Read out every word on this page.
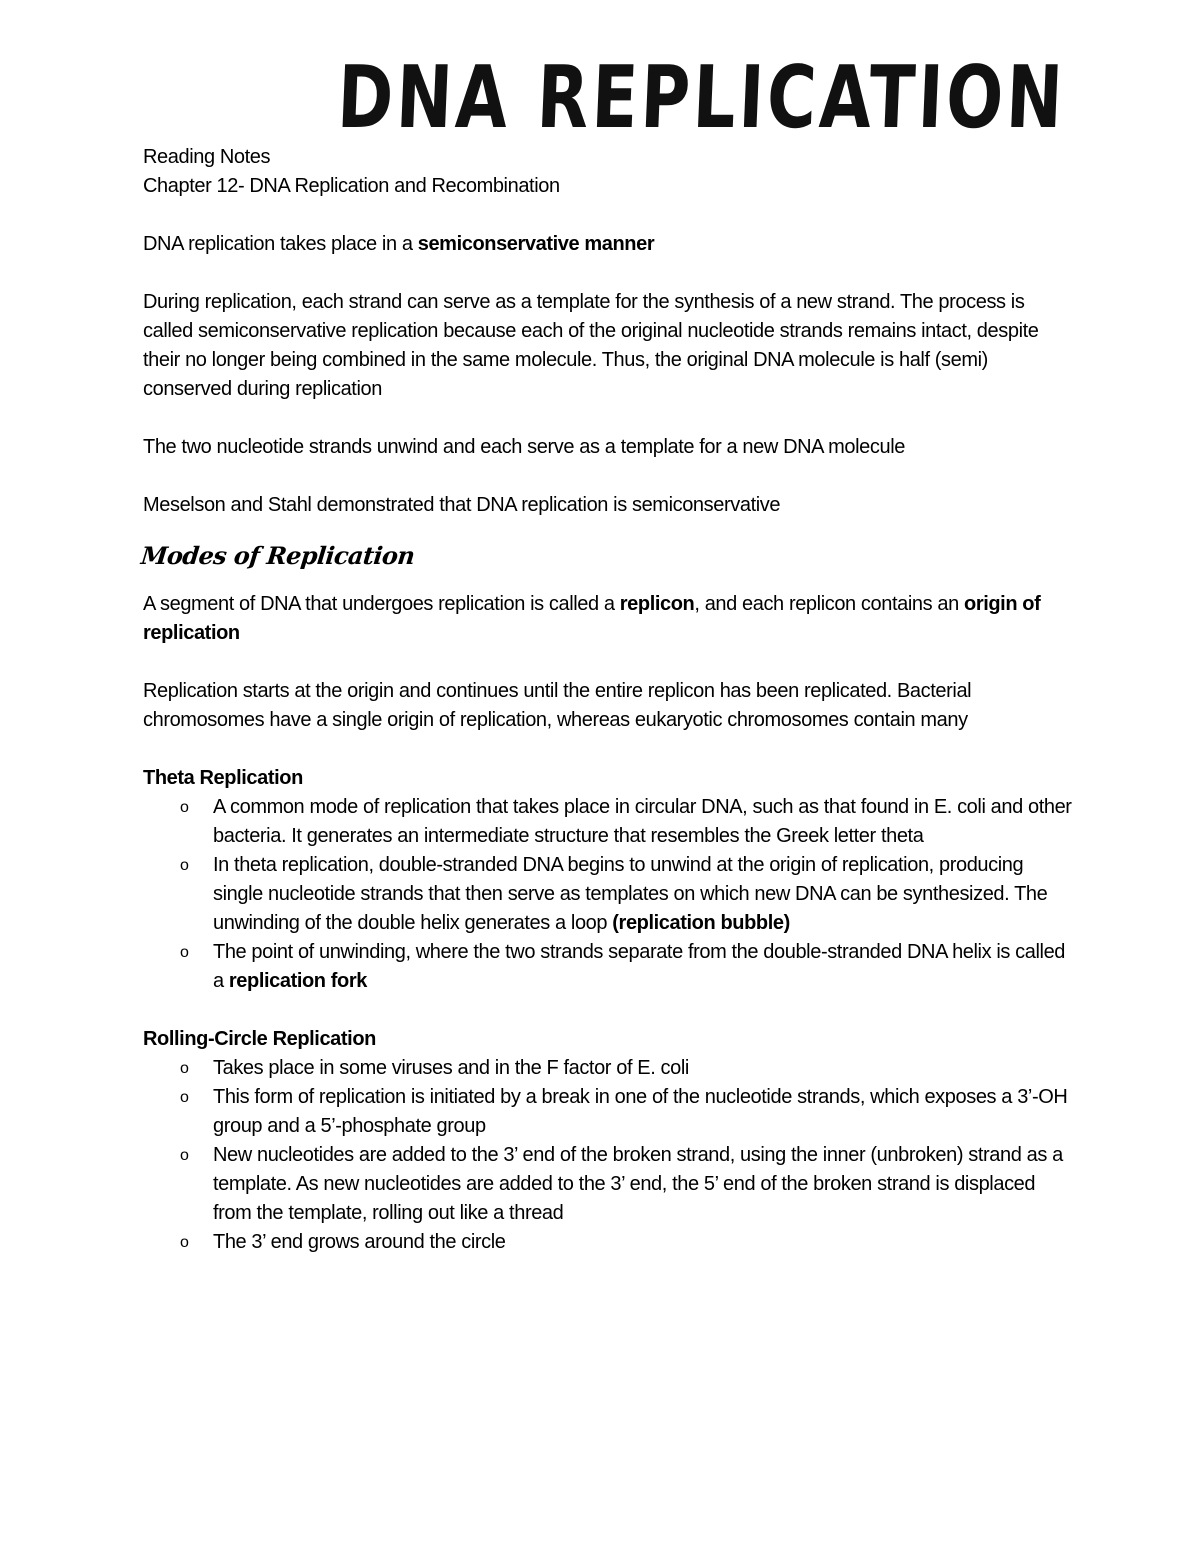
DNA REPLICATION

Reading Notes

Chapter 12- DNA Replication and Recombination

DNA replication takes place in a semiconservative manner

During replication, each strand can serve as a template for the synthesis of a new strand. The process is called semiconservative replication because each of the original nucleotide strands remains intact, despite their no longer being combined in the same molecule. Thus, the original DNA molecule is half (semi) conserved during replication

The two nucleotide strands unwind and each serve as a template for a new DNA molecule

Meselson and Stahl demonstrated that DNA replication is semiconservative

Modes of Replication

A segment of DNA that undergoes replication is called a replicon, and each replicon contains an origin of replication

Replication starts at the origin and continues until the entire replicon has been replicated. Bacterial chromosomes have a single origin of replication, whereas eukaryotic chromosomes contain many

Theta Replication

o A common mode of replication that takes place in circular DNA, such as that found in E. coli and other bacteria. It generates an intermediate structure that resembles the Greek letter theta
o In theta replication, double-stranded DNA begins to unwind at the origin of replication, producing single nucleotide strands that then serve as templates on which new DNA can be synthesized. The unwinding of the double helix generates a loop (replication bubble)
o The point of unwinding, where the two strands separate from the double-stranded DNA helix is called a replication fork

Rolling-Circle Replication

o Takes place in some viruses and in the F factor of E. coli
o This form of replication is initiated by a break in one of the nucleotide strands, which exposes a 3’-OH group and a 5’-phosphate group
o New nucleotides are added to the 3’ end of the broken strand, using the inner (unbroken) strand as a template. As new nucleotides are added to the 3’ end, the 5’ end of the broken strand is displaced from the template, rolling out like a thread
o The 3’ end grows around the circle
